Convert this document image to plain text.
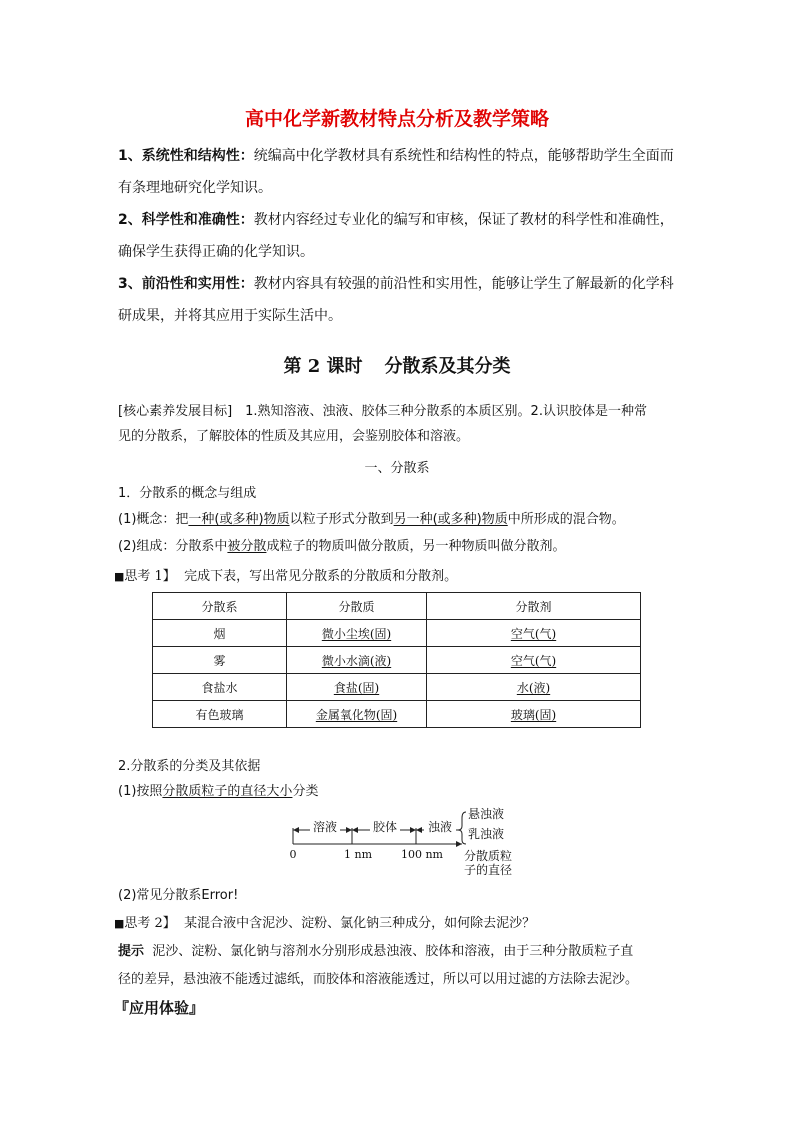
高中化学新教材特点分析及教学策略
1、系统性和结构性：统编高中化学教材具有系统性和结构性的特点，能够帮助学生全面而
有条理地研究化学知识。
2、科学性和准确性：教材内容经过专业化的编写和审核，保证了教材的科学性和准确性，
确保学生获得正确的化学知识。
3、前沿性和实用性：教材内容具有较强的前沿性和实用性，能够让学生了解最新的化学科
研成果，并将其应用于实际生活中。
第 2 课时 分散系及其分类
[核心素养发展目标]　1.熟知溶液、浊液、胶体三种分散系的本质区别。2.认识胶体是一种常
见的分散系，了解胶体的性质及其应用，会鉴别胶体和溶液。
一、分散系
1．分散系的概念与组成
(1)概念：把一种(或多种)物质以粒子形式分散到另一种(或多种)物质中所形成的混合物。
(2)组成：分散系中被分散成粒子的物质叫做分散质，另一种物质叫做分散剂。
■思考 1】 完成下表，写出常见分散系的分散质和分散剂。
分散系	分散质	分散剂
烟	微小尘埃(固)	空气(气)
雾	微小水滴(液)	空气(气)
食盐水	食盐(固)	水(液)
有色玻璃	金属氧化物(固)	玻璃(固)
2.分散系的分类及其依据
(1)按照分散质粒子的直径大小分类
溶液	胶体	浊液
悬浊液
乳浊液
0	1 nm	100 nm 分散质粒
子的直径
(2)常见分散系Error!
■思考 2】 某混合液中含泥沙、淀粉、氯化钠三种成分，如何除去泥沙？
提示 泥沙、淀粉、氯化钠与溶剂水分别形成悬浊液、胶体和溶液，由于三种分散质粒子直
径的差异，悬浊液不能透过滤纸，而胶体和溶液能透过，所以可以用过滤的方法除去泥沙。
『应用体验』
